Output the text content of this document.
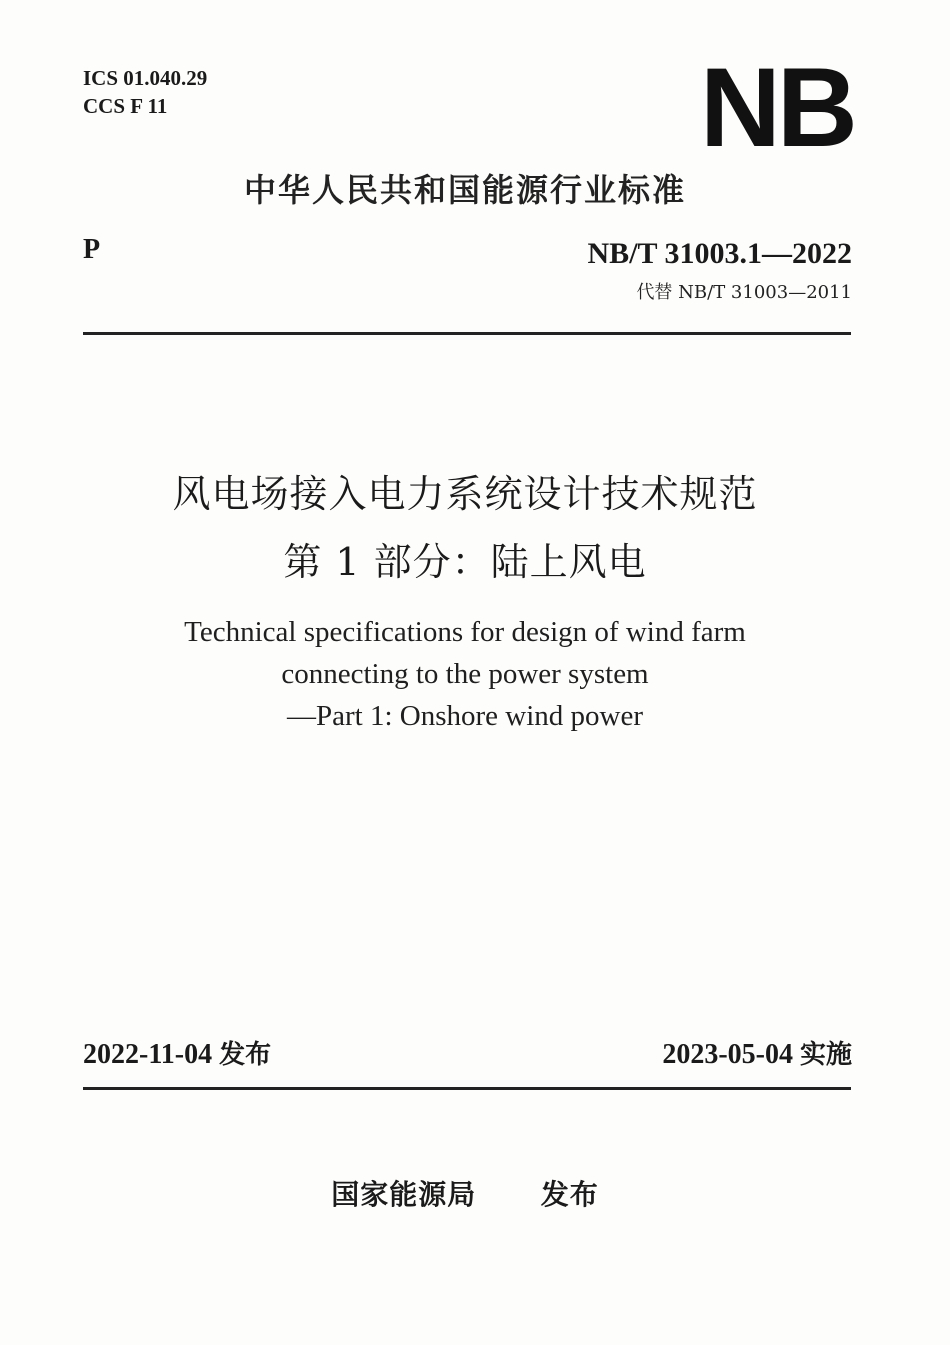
ICS 01.040.29
CCS F 11	NB
中华人民共和国能源行业标准
P	NB/T 31003.1—2022
代替 NB/T 31003—2011
风电场接入电力系统设计技术规范
第 1 部分：陆上风电
Technical specifications for design of wind farm
connecting to the power system
—Part 1: Onshore wind power
2022-11-04 发布	2023-05-04 实施
国家能源局 发布
